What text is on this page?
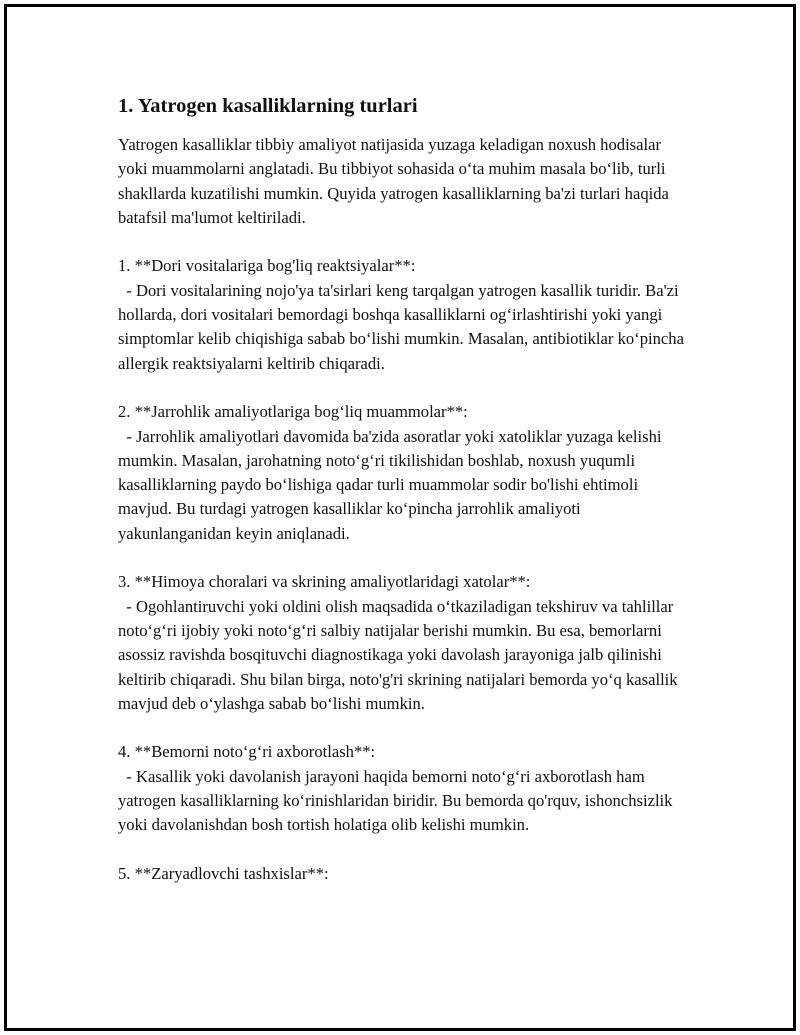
1. Yatrogen kasalliklarning turlari

Yatrogen kasalliklar tibbiy amaliyot natijasida yuzaga keladigan noxush hodisalar yoki muammolarni anglatadi. Bu tibbiyot sohasida o‘ta muhim masala bo‘lib, turli shakllarda kuzatilishi mumkin. Quyida yatrogen kasalliklarning ba'zi turlari haqida batafsil ma'lumot keltiriladi.

1. **Dori vositalariga bog'liq reaktsiyalar**:

- Dori vositalarining nojo'ya ta'sirlari keng tarqalgan yatrogen kasallik turidir. Ba'zi hollarda, dori vositalari bemordagi boshqa kasalliklarni og‘irlashtirishi yoki yangi simptomlar kelib chiqishiga sabab bo‘lishi mumkin. Masalan, antibiotiklar ko‘pincha allergik reaktsiyalarni keltirib chiqaradi.

2. **Jarrohlik amaliyotlariga bog‘liq muammolar**:

- Jarrohlik amaliyotlari davomida ba'zida asoratlar yoki xatoliklar yuzaga kelishi mumkin. Masalan, jarohatning noto‘g‘ri tikilishidan boshlab, noxush yuqumli kasalliklarning paydo bo‘lishiga qadar turli muammolar sodir bo'lishi ehtimoli mavjud. Bu turdagi yatrogen kasalliklar ko‘pincha jarrohlik amaliyoti yakunlanganidan keyin aniqlanadi.

3. **Himoya choralari va skrining amaliyotlaridagi xatolar**:

- Ogohlantiruvchi yoki oldini olish maqsadida o‘tkaziladigan tekshiruv va tahlillar noto‘g‘ri ijobiy yoki noto‘g‘ri salbiy natijalar berishi mumkin. Bu esa, bemorlarni asossiz ravishda bosqituvchi diagnostikaga yoki davolash jarayoniga jalb qilinishi keltirib chiqaradi. Shu bilan birga, noto'g'ri skrining natijalari bemorda yo‘q kasallik mavjud deb o‘ylashga sabab bo‘lishi mumkin.

4. **Bemorni noto‘g‘ri axborotlash**:

- Kasallik yoki davolanish jarayoni haqida bemorni noto‘g‘ri axborotlash ham yatrogen kasalliklarning ko‘rinishlaridan biridir. Bu bemorda qo'rquv, ishonchsizlik yoki davolanishdan bosh tortish holatiga olib kelishi mumkin.

5. **Zaryadlovchi tashxislar**:
